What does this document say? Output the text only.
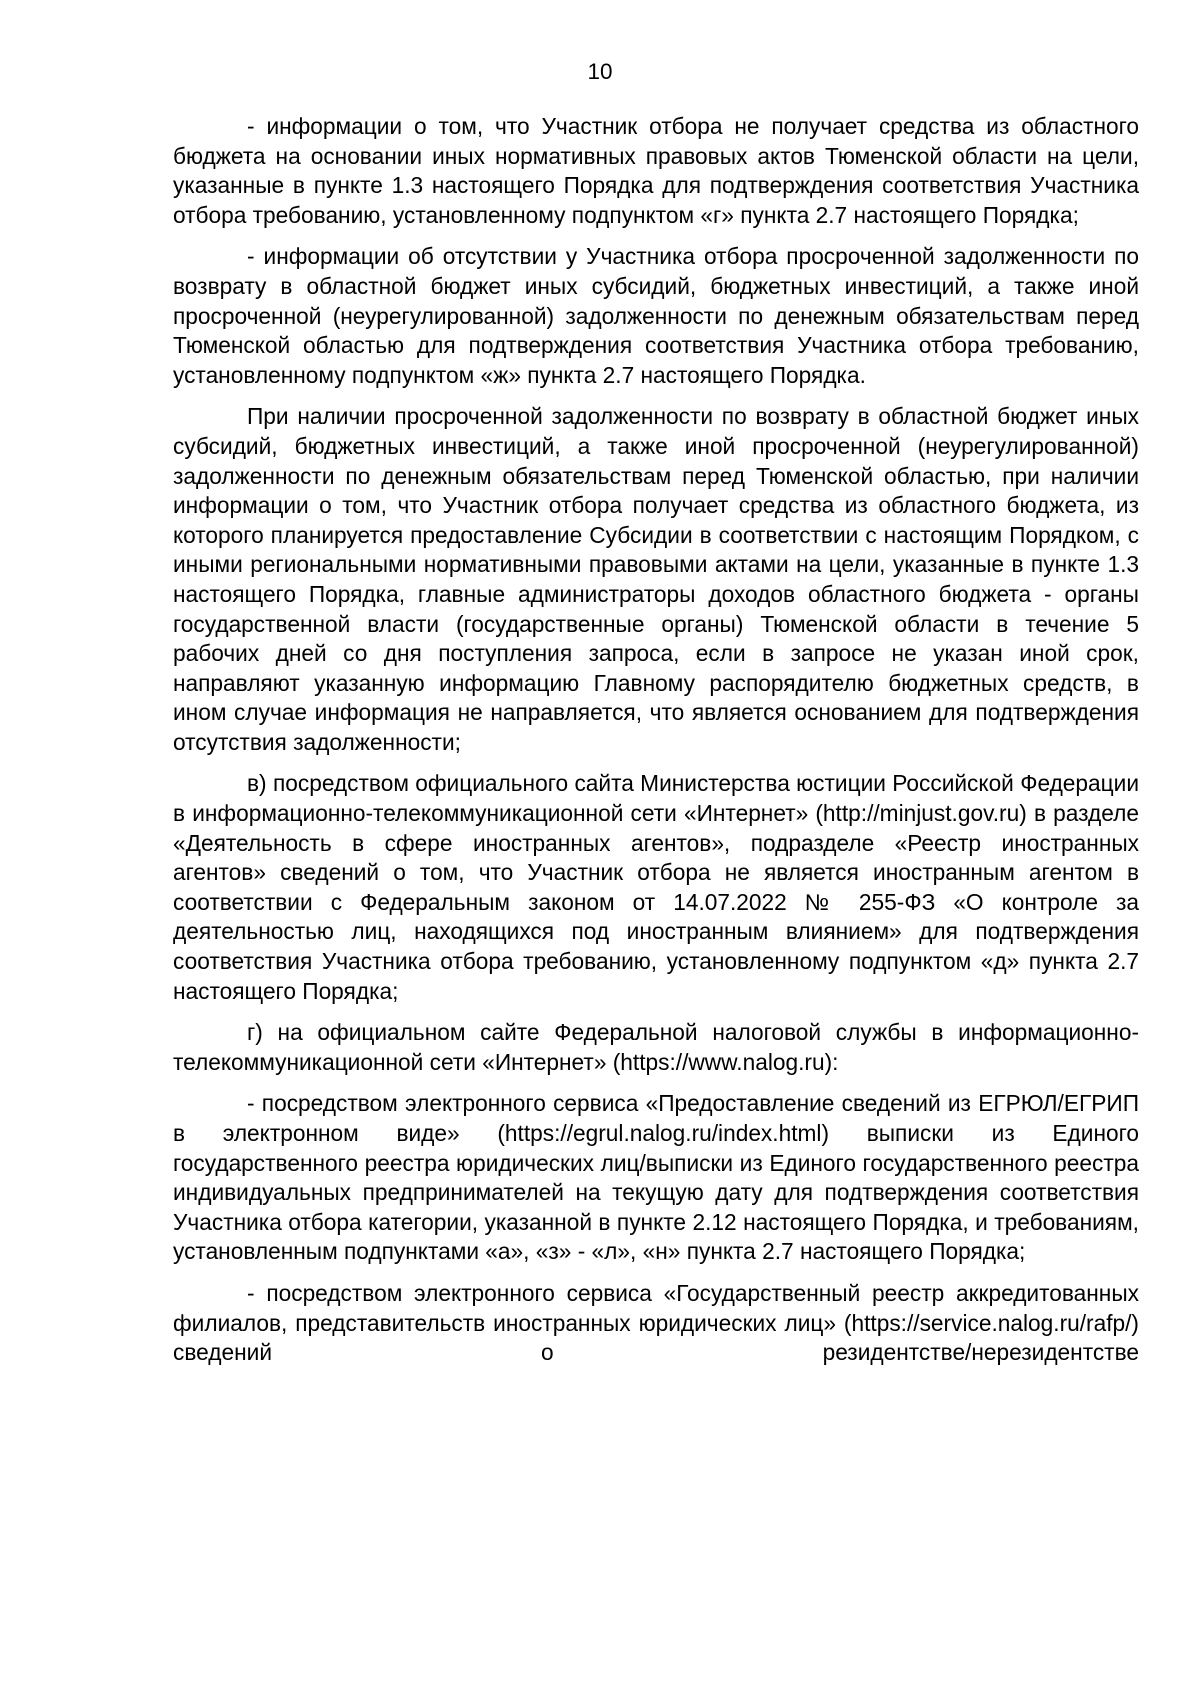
10

- информации о том, что Участник отбора не получает средства из областного бюджета на основании иных нормативных правовых актов Тюменской области на цели, указанные в пункте 1.3 настоящего Порядка для подтверждения соответствия Участника отбора требованию, установленному подпунктом «г» пункта 2.7 настоящего Порядка;

- информации об отсутствии у Участника отбора просроченной задолженности по возврату в областной бюджет иных субсидий, бюджетных инвестиций, а также иной просроченной (неурегулированной) задолженности по денежным обязательствам перед Тюменской областью для подтверждения соответствия Участника отбора требованию, установленному подпунктом «ж» пункта 2.7 настоящего Порядка.

При наличии просроченной задолженности по возврату в областной бюджет иных субсидий, бюджетных инвестиций, а также иной просроченной (неурегулированной) задолженности по денежным обязательствам перед Тюменской областью, при наличии информации о том, что Участник отбора получает средства из областного бюджета, из которого планируется предоставление Субсидии в соответствии с настоящим Порядком, с иными региональными нормативными правовыми актами на цели, указанные в пункте 1.3 настоящего Порядка, главные администраторы доходов областного бюджета - органы государственной власти (государственные органы) Тюменской области в течение 5 рабочих дней со дня поступления запроса, если в запросе не указан иной срок, направляют указанную информацию Главному распорядителю бюджетных средств, в ином случае информация не направляется, что является основанием для подтверждения отсутствия задолженности;

в) посредством официального сайта Министерства юстиции Российской Федерации в информационно-телекоммуникационной сети «Интернет» (http://minjust.gov.ru) в разделе «Деятельность в сфере иностранных агентов», подразделе «Реестр иностранных агентов» сведений о том, что Участник отбора не является иностранным агентом в соответствии с Федеральным законом от 14.07.2022 № 255-ФЗ «О контроле за деятельностью лиц, находящихся под иностранным влиянием» для подтверждения соответствия Участника отбора требованию, установленному подпунктом «д» пункта 2.7 настоящего Порядка;

г) на официальном сайте Федеральной налоговой службы в информационно-телекоммуникационной сети «Интернет» (https://www.nalog.ru):

- посредством электронного сервиса «Предоставление сведений из ЕГРЮЛ/ЕГРИП в электронном виде» (https://egrul.nalog.ru/index.html) выписки из Единого государственного реестра юридических лиц/выписки из Единого государственного реестра индивидуальных предпринимателей на текущую дату для подтверждения соответствия Участника отбора категории, указанной в пункте 2.12 настоящего Порядка, и требованиям, установленным подпунктами «а», «з» - «л», «н» пункта 2.7 настоящего Порядка;

- посредством электронного сервиса «Государственный реестр аккредитованных филиалов, представительств иностранных юридических лиц» (https://service.nalog.ru/rafp/) сведений о резидентстве/нерезидентстве
